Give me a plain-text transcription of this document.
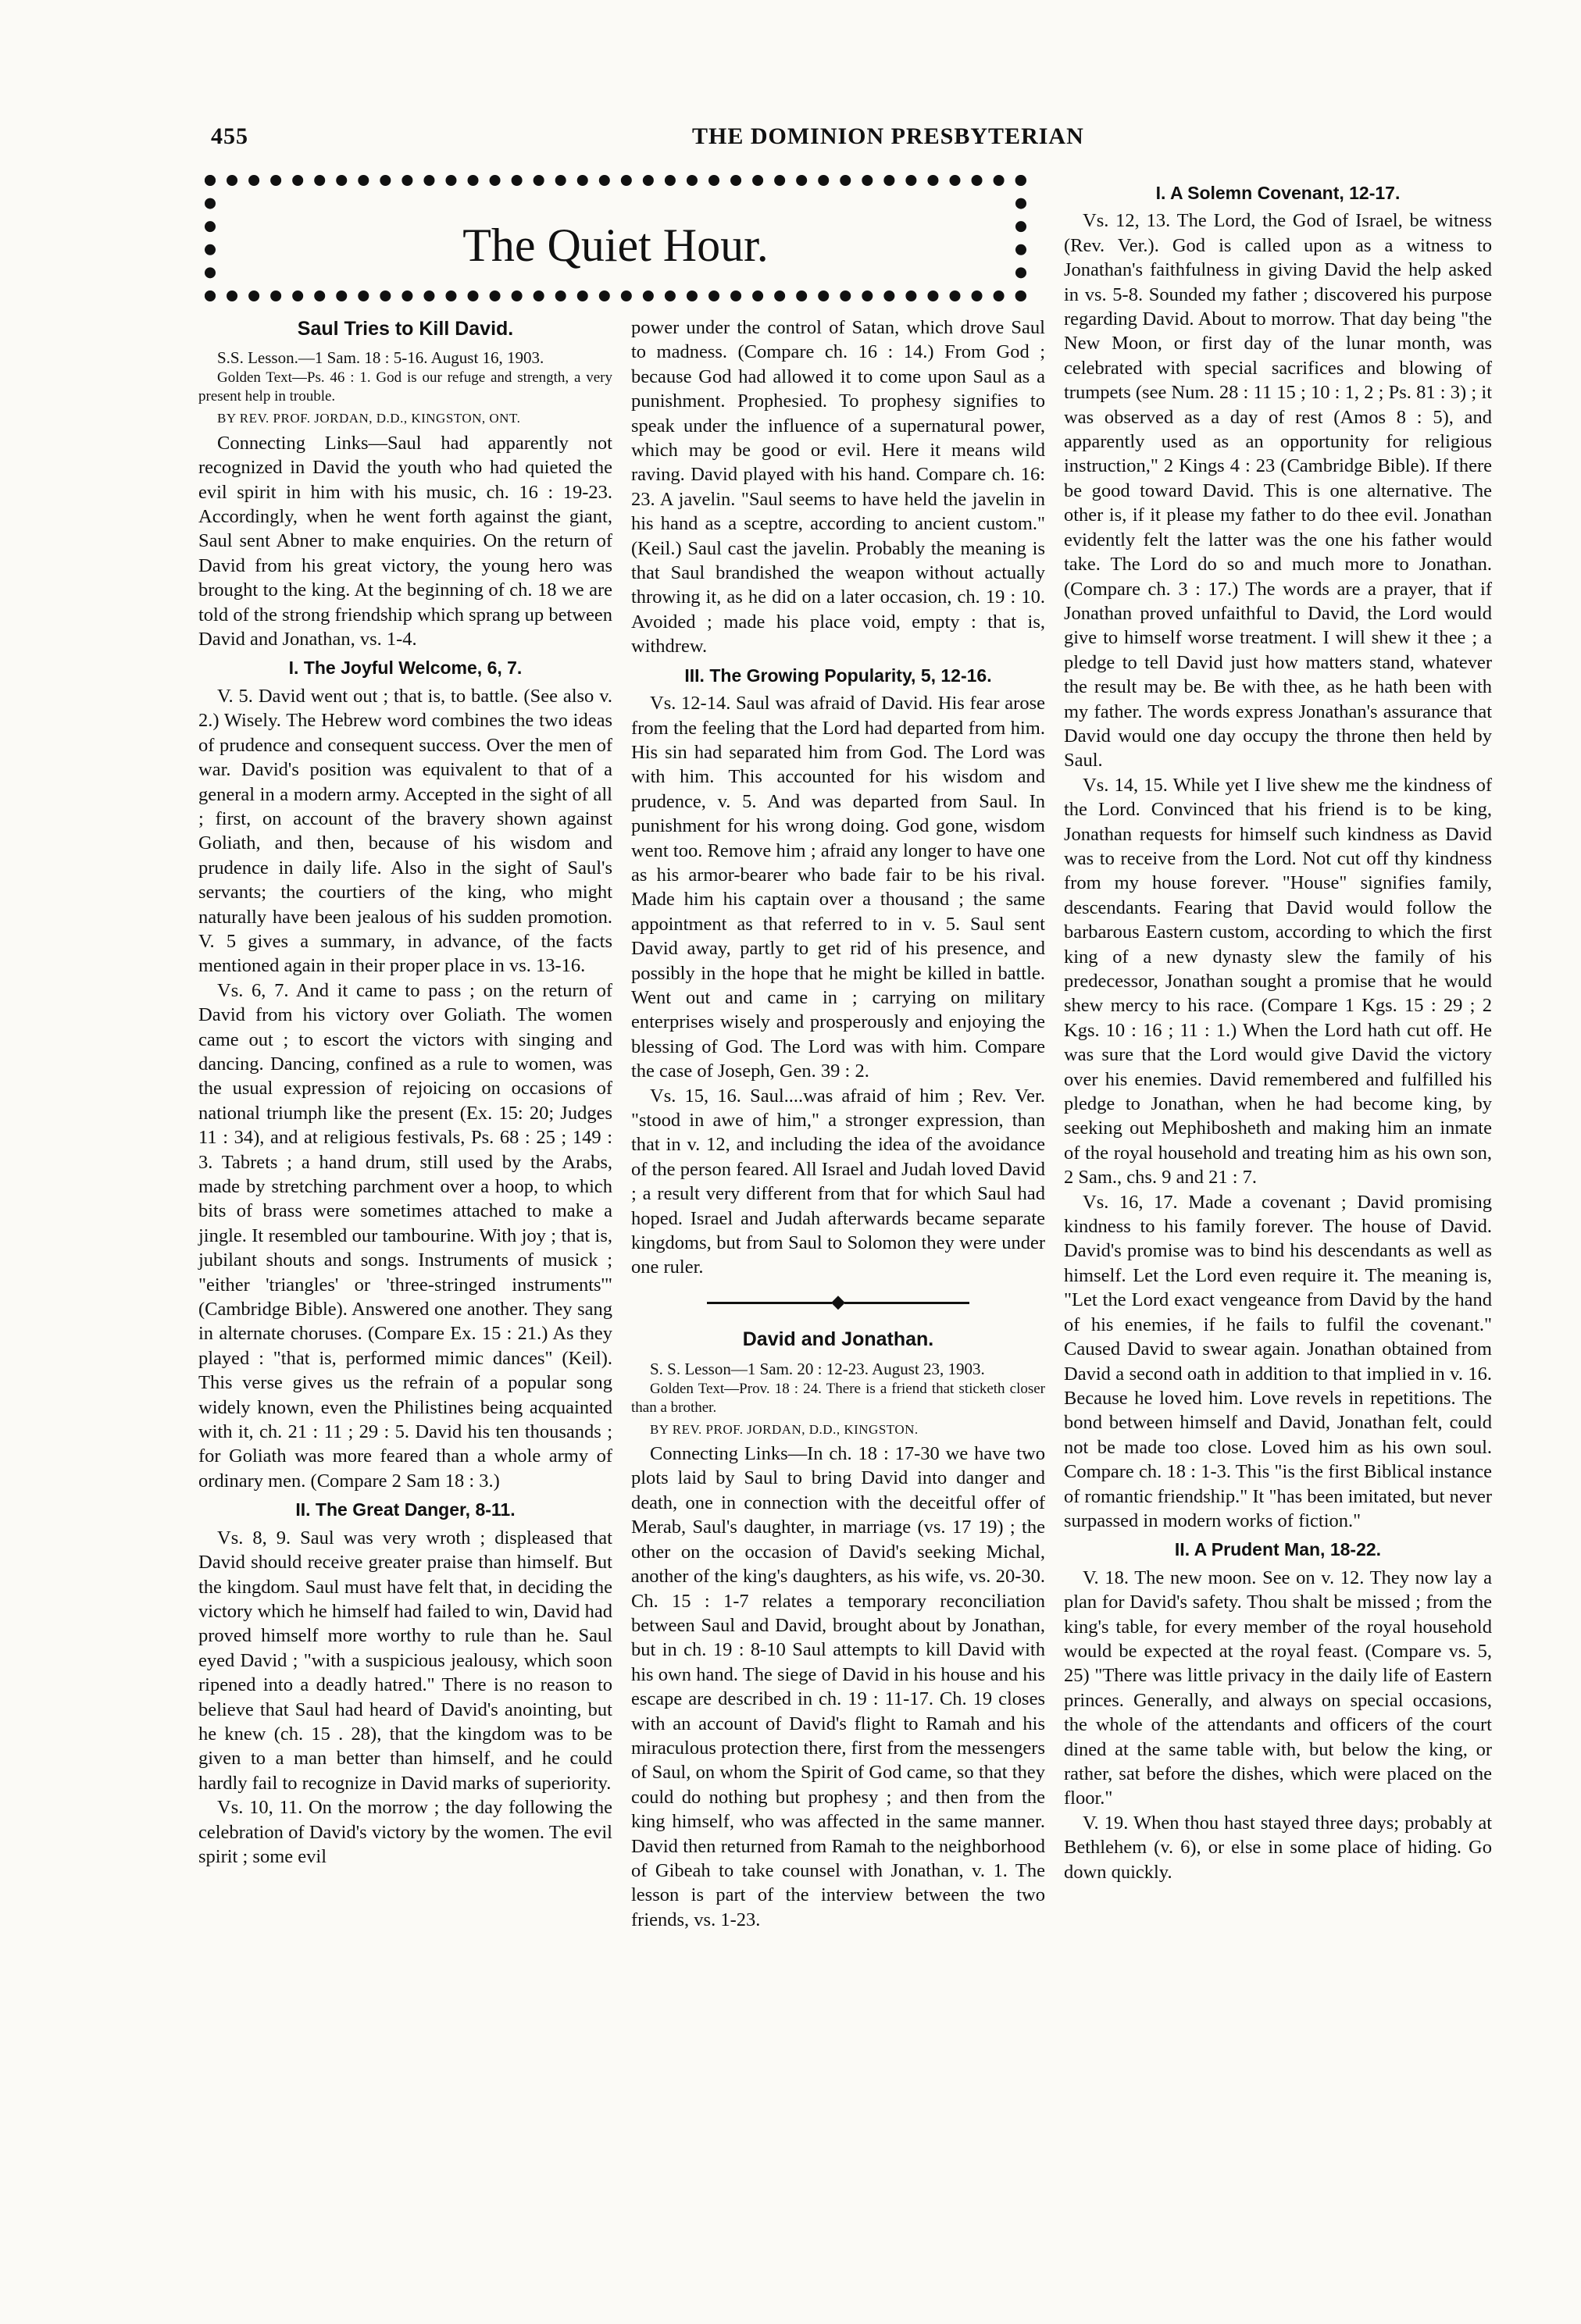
455	THE DOMINION PRESBYTERIAN
The Quiet Hour.
Saul Tries to Kill David.

S.S. Lesson.—1 Sam. 18 : 5-16. August 16, 1903.

Golden Text—Ps. 46 : 1. God is our refuge and strength, a very present help in trouble.

BY REV. PROF. JORDAN, D.D., KINGSTON, ONT.

Connecting Links—Saul had apparently not recognized in David the youth who had quieted the evil spirit in him with his music, ch. 16 : 19-23. Accordingly, when he went forth against the giant, Saul sent Abner to make enquiries. On the return of David from his great victory, the young hero was brought to the king. At the beginning of ch. 18 we are told of the strong friendship which sprang up between David and Jonathan, vs. 1-4.

I. The Joyful Welcome, 6, 7.

V. 5. David went out ; that is, to battle. (See also v. 2.) Wisely. The Hebrew word combines the two ideas of prudence and consequent success. Over the men of war. David's position was equivalent to that of a general in a modern army. Accepted in the sight of all ; first, on account of the bravery shown against Goliath, and then, because of his wisdom and prudence in daily life. Also in the sight of Saul's servants; the courtiers of the king, who might naturally have been jealous of his sudden promotion. V. 5 gives a summary, in advance, of the facts mentioned again in their proper place in vs. 13-16.

Vs. 6, 7. And it came to pass ; on the return of David from his victory over Goliath. The women came out ; to escort the victors with singing and dancing. Dancing, confined as a rule to women, was the usual expression of rejoicing on occasions of national triumph like the present (Ex. 15: 20; Judges 11 : 34), and at religious festivals, Ps. 68 : 25 ; 149 : 3. Tabrets ; a hand drum, still used by the Arabs, made by stretching parchment over a hoop, to which bits of brass were sometimes attached to make a jingle. It resembled our tambourine. With joy ; that is, jubilant shouts and songs. Instruments of musick ; "either 'triangles' or 'three-stringed instruments'" (Cambridge Bible). Answered one another. They sang in alternate choruses. (Compare Ex. 15 : 21.) As they played : "that is, performed mimic dances" (Keil). This verse gives us the refrain of a popular song widely known, even the Philistines being acquainted with it, ch. 21 : 11 ; 29 : 5. David his ten thousands ; for Goliath was more feared than a whole army of ordinary men. (Compare 2 Sam 18 : 3.)

II. The Great Danger, 8-11.

Vs. 8, 9. Saul was very wroth ; displeased that David should receive greater praise than himself. But the kingdom. Saul must have felt that, in deciding the victory which he himself had failed to win, David had proved himself more worthy to rule than he. Saul eyed David ; "with a suspicious jealousy, which soon ripened into a deadly hatred." There is no reason to believe that Saul had heard of David's anointing, but he knew (ch. 15 . 28), that the kingdom was to be given to a man better than himself, and he could hardly fail to recognize in David marks of superiority.

Vs. 10, 11. On the morrow ; the day following the celebration of David's victory by the women. The evil spirit ; some evil

power under the control of Satan, which drove Saul to madness. (Compare ch. 16 : 14.) From God ; because God had allowed it to come upon Saul as a punishment. Prophesied. To prophesy signifies to speak under the influence of a supernatural power, which may be good or evil. Here it means wild raving. David played with his hand. Compare ch. 16: 23. A javelin. "Saul seems to have held the javelin in his hand as a sceptre, according to ancient custom." (Keil.) Saul cast the javelin. Probably the meaning is that Saul brandished the weapon without actually throwing it, as he did on a later occasion, ch. 19 : 10. Avoided ; made his place void, empty : that is, withdrew.

III. The Growing Popularity, 5, 12-16.

Vs. 12-14. Saul was afraid of David. His fear arose from the feeling that the Lord had departed from him. His sin had separated him from God. The Lord was with him. This accounted for his wisdom and prudence, v. 5. And was departed from Saul. In punishment for his wrong doing. God gone, wisdom went too. Remove him ; afraid any longer to have one as his armor-bearer who bade fair to be his rival. Made him his captain over a thousand ; the same appointment as that referred to in v. 5. Saul sent David away, partly to get rid of his presence, and possibly in the hope that he might be killed in battle. Went out and came in ; carrying on military enterprises wisely and prosperously and enjoying the blessing of God. The Lord was with him. Compare the case of Joseph, Gen. 39 : 2.

Vs. 15, 16. Saul....was afraid of him ; Rev. Ver. "stood in awe of him," a stronger expression, than that in v. 12, and including the idea of the avoidance of the person feared. All Israel and Judah loved David ; a result very different from that for which Saul had hoped. Israel and Judah afterwards became separate kingdoms, but from Saul to Solomon they were under one ruler.

◆
David and Jonathan.

S. S. Lesson—1 Sam. 20 : 12-23. August 23, 1903.

Golden Text—Prov. 18 : 24. There is a friend that sticketh closer than a brother.

BY REV. PROF. JORDAN, D.D., KINGSTON.

Connecting Links—In ch. 18 : 17-30 we have two plots laid by Saul to bring David into danger and death, one in connection with the deceitful offer of Merab, Saul's daughter, in marriage (vs. 17 19) ; the other on the occasion of David's seeking Michal, another of the king's daughters, as his wife, vs. 20-30. Ch. 15 : 1-7 relates a temporary reconciliation between Saul and David, brought about by Jonathan, but in ch. 19 : 8-10 Saul attempts to kill David with his own hand. The siege of David in his house and his escape are described in ch. 19 : 11-17. Ch. 19 closes with an account of David's flight to Ramah and his miraculous protection there, first from the messengers of Saul, on whom the Spirit of God came, so that they could do nothing but prophesy ; and then from the king himself, who was affected in the same manner. David then returned from Ramah to the neighborhood of Gibeah to take counsel with Jonathan, v. 1. The lesson is part of the interview between the two friends, vs. 1-23.

I. A Solemn Covenant, 12-17.

Vs. 12, 13. The Lord, the God of Israel, be witness (Rev. Ver.). God is called upon as a witness to Jonathan's faithfulness in giving David the help asked in vs. 5-8. Sounded my father ; discovered his purpose regarding David. About to morrow. That day being "the New Moon, or first day of the lunar month, was celebrated with special sacrifices and blowing of trumpets (see Num. 28 : 11 15 ; 10 : 1, 2 ; Ps. 81 : 3) ; it was observed as a day of rest (Amos 8 : 5), and apparently used as an opportunity for religious instruction," 2 Kings 4 : 23 (Cambridge Bible). If there be good toward David. This is one alternative. The other is, if it please my father to do thee evil. Jonathan evidently felt the latter was the one his father would take. The Lord do so and much more to Jonathan. (Compare ch. 3 : 17.) The words are a prayer, that if Jonathan proved unfaithful to David, the Lord would give to himself worse treatment. I will shew it thee ; a pledge to tell David just how matters stand, whatever the result may be. Be with thee, as he hath been with my father. The words express Jonathan's assurance that David would one day occupy the throne then held by Saul.

Vs. 14, 15. While yet I live shew me the kindness of the Lord. Convinced that his friend is to be king, Jonathan requests for himself such kindness as David was to receive from the Lord. Not cut off thy kindness from my house forever. "House" signifies family, descendants. Fearing that David would follow the barbarous Eastern custom, according to which the first king of a new dynasty slew the family of his predecessor, Jonathan sought a promise that he would shew mercy to his race. (Compare 1 Kgs. 15 : 29 ; 2 Kgs. 10 : 16 ; 11 : 1.) When the Lord hath cut off. He was sure that the Lord would give David the victory over his enemies. David remembered and fulfilled his pledge to Jonathan, when he had become king, by seeking out Mephibosheth and making him an inmate of the royal household and treating him as his own son, 2 Sam., chs. 9 and 21 : 7.

Vs. 16, 17. Made a covenant ; David promising kindness to his family forever. The house of David. David's promise was to bind his descendants as well as himself. Let the Lord even require it. The meaning is, "Let the Lord exact vengeance from David by the hand of his enemies, if he fails to fulfil the covenant." Caused David to swear again. Jonathan obtained from David a second oath in addition to that implied in v. 16. Because he loved him. Love revels in repetitions. The bond between himself and David, Jonathan felt, could not be made too close. Loved him as his own soul. Compare ch. 18 : 1-3. This "is the first Biblical instance of romantic friendship." It "has been imitated, but never surpassed in modern works of fiction."

II. A Prudent Man, 18-22.

V. 18. The new moon. See on v. 12. They now lay a plan for David's safety. Thou shalt be missed ; from the king's table, for every member of the royal household would be expected at the royal feast. (Compare vs. 5, 25) "There was little privacy in the daily life of Eastern princes. Generally, and always on special occasions, the whole of the attendants and officers of the court dined at the same table with, but below the king, or rather, sat before the dishes, which were placed on the floor."

V. 19. When thou hast stayed three days; probably at Bethlehem (v. 6), or else in some place of hiding. Go down quickly.
